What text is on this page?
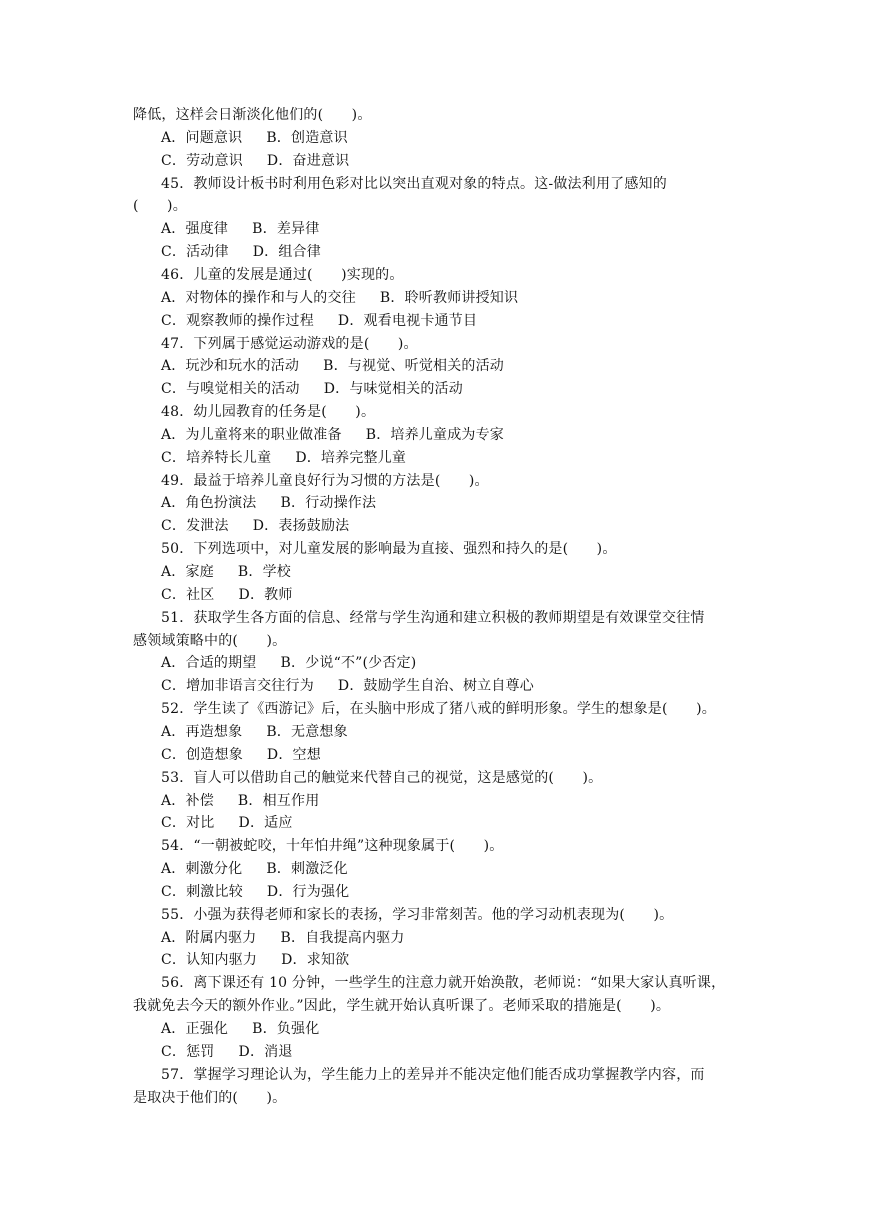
降低，这样会日渐淡化他们的(　　)。
A．问题意识 B．创造意识
C．劳动意识 D．奋进意识
45．教师设计板书时利用色彩对比以突出直观对象的特点。这-做法利用了感知的
(　　)。
A．强度律 B．差异律
C．活动律 D．组合律
46．儿童的发展是通过(　　)实现的。
A．对物体的操作和与人的交往 B．聆听教师讲授知识
C．观察教师的操作过程 D．观看电视卡通节目
47．下列属于感觉运动游戏的是(　　)。
A．玩沙和玩水的活动 B．与视觉、听觉相关的活动
C．与嗅觉相关的活动 D．与味觉相关的活动
48．幼儿园教育的任务是(　　)。
A．为儿童将来的职业做准备 B．培养儿童成为专家
C．培养特长儿童 D．培养完整儿童
49．最益于培养儿童良好行为习惯的方法是(　　)。
A．角色扮演法 B．行动操作法
C．发泄法 D．表扬鼓励法
50．下列选项中，对儿童发展的影响最为直接、强烈和持久的是(　　)。
A．家庭 B．学校
C．社区 D．教师
51．获取学生各方面的信息、经常与学生沟通和建立积极的教师期望是有效课堂交往情
感领域策略中的(　　)。
A．合适的期望 B．少说“不”(少否定)
C．增加非语言交往行为 D．鼓励学生自治、树立自尊心
52．学生读了《西游记》后，在头脑中形成了猪八戒的鲜明形象。学生的想象是(　　)。
A．再造想象 B．无意想象
C．创造想象 D．空想
53．盲人可以借助自己的触觉来代替自己的视觉，这是感觉的(　　)。
A．补偿 B．相互作用
C．对比 D．适应
54．“一朝被蛇咬，十年怕井绳”这种现象属于(　　)。
A．刺激分化 B．刺激泛化
C．刺激比较 D．行为强化
55．小强为获得老师和家长的表扬，学习非常刻苦。他的学习动机表现为(　　)。
A．附属内驱力 B．自我提高内驱力
C．认知内驱力 D．求知欲
56．离下课还有 10 分钟，一些学生的注意力就开始涣散，老师说：“如果大家认真听课，
我就免去今天的额外作业。”因此，学生就开始认真听课了。老师采取的措施是(　　)。
A．正强化 B．负强化
C．惩罚 D．消退
57．掌握学习理论认为，学生能力上的差异并不能决定他们能否成功掌握教学内容，而
是取决于他们的(　　)。
